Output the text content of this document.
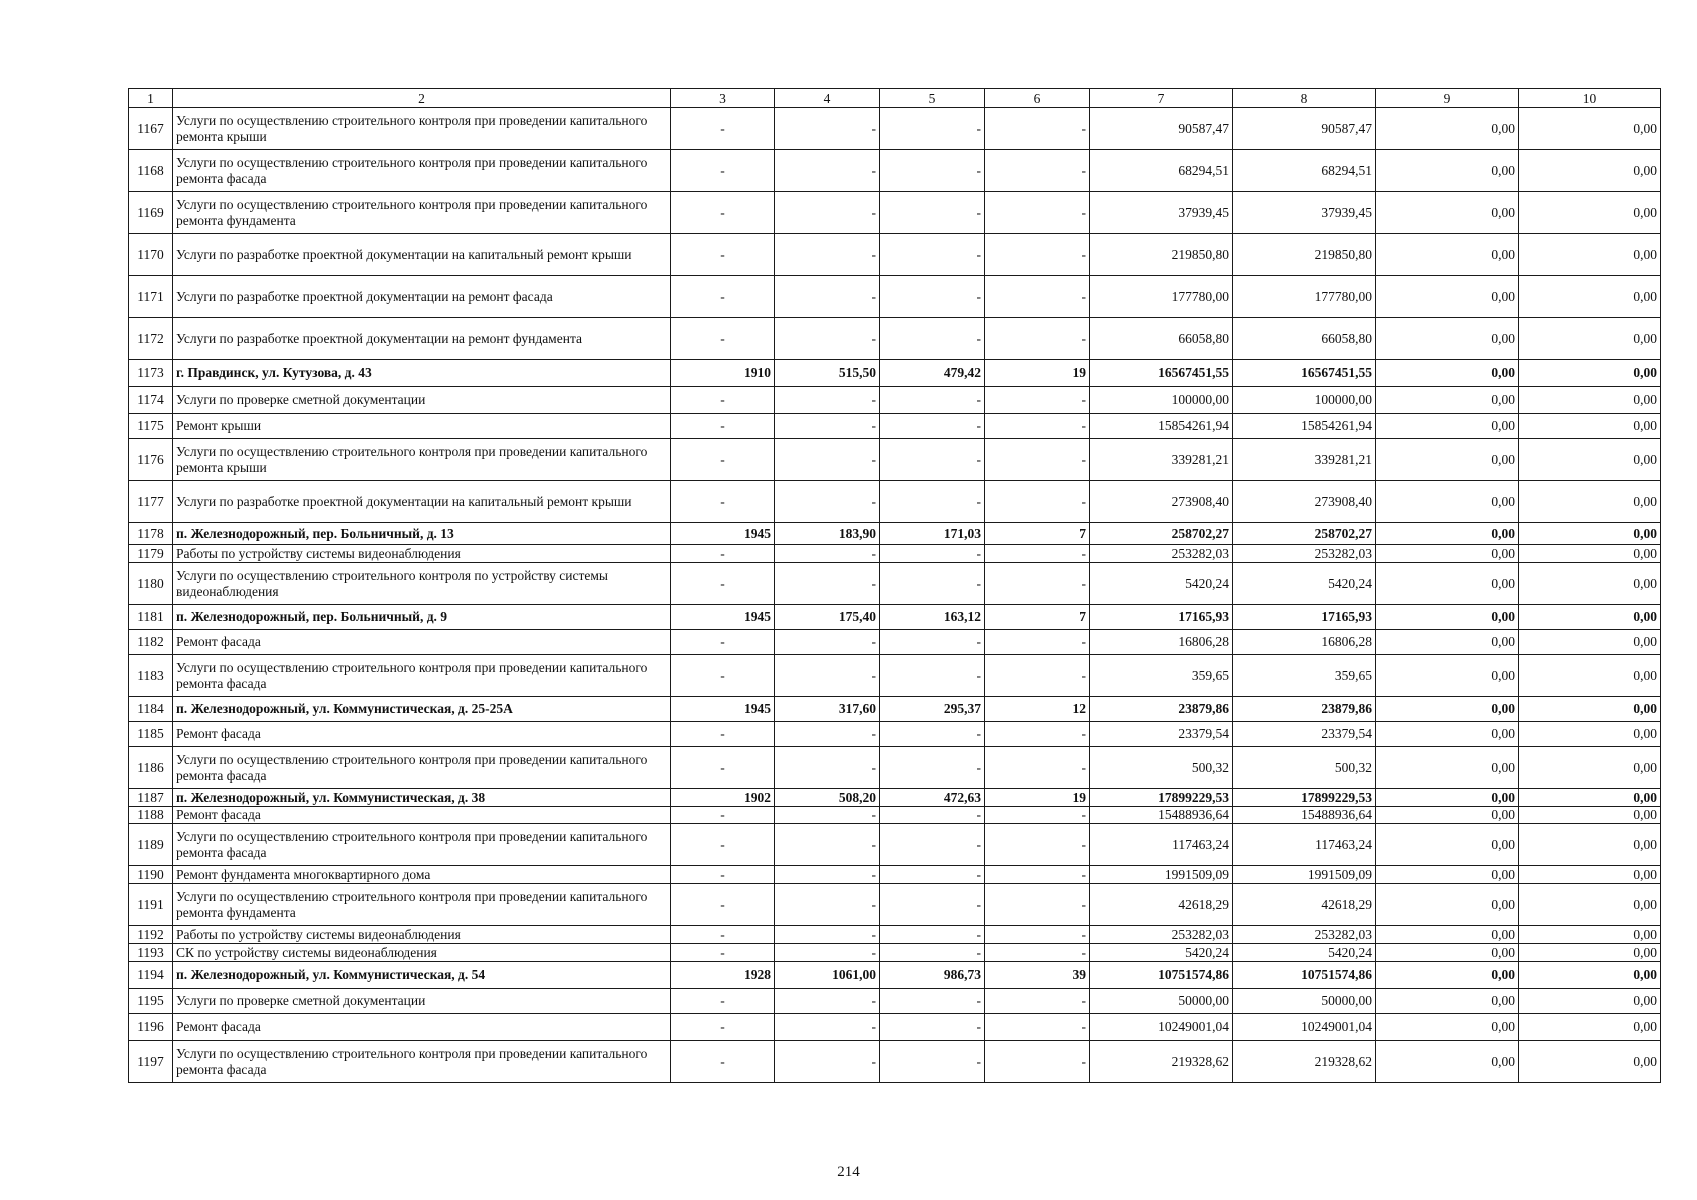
1	2	3	4	5	6	7	8	9	10
1167	Услуги по осуществлению строительного контроля при проведении капитального ремонта крыши	-	-	-	-	90587,47	90587,47	0,00	0,00
1168	Услуги по осуществлению строительного контроля при проведении капитального ремонта фасада	-	-	-	-	68294,51	68294,51	0,00	0,00
1169	Услуги по осуществлению строительного контроля при проведении капитального ремонта фундамента	-	-	-	-	37939,45	37939,45	0,00	0,00
1170	Услуги по разработке проектной документации на капитальный ремонт крыши	-	-	-	-	219850,80	219850,80	0,00	0,00
1171	Услуги по разработке проектной документации на ремонт фасада	-	-	-	-	177780,00	177780,00	0,00	0,00
1172	Услуги по разработке проектной документации на ремонт фундамента	-	-	-	-	66058,80	66058,80	0,00	0,00
1173	г. Правдинск, ул. Кутузова, д. 43	1910	515,50	479,42	19	16567451,55	16567451,55	0,00	0,00
1174	Услуги по проверке сметной документации	-	-	-	-	100000,00	100000,00	0,00	0,00
1175	Ремонт крыши	-	-	-	-	15854261,94	15854261,94	0,00	0,00
1176	Услуги по осуществлению строительного контроля при проведении капитального ремонта крыши	-	-	-	-	339281,21	339281,21	0,00	0,00
1177	Услуги по разработке проектной документации на капитальный ремонт крыши	-	-	-	-	273908,40	273908,40	0,00	0,00
1178	п. Железнодорожный, пер. Больничный, д. 13	1945	183,90	171,03	7	258702,27	258702,27	0,00	0,00
1179	Работы по устройству системы видеонаблюдения	-	-	-	-	253282,03	253282,03	0,00	0,00
1180	Услуги по осуществлению строительного контроля по устройству системы видеонаблюдения	-	-	-	-	5420,24	5420,24	0,00	0,00
1181	п. Железнодорожный, пер. Больничный, д. 9	1945	175,40	163,12	7	17165,93	17165,93	0,00	0,00
1182	Ремонт фасада	-	-	-	-	16806,28	16806,28	0,00	0,00
1183	Услуги по осуществлению строительного контроля при проведении капитального ремонта фасада	-	-	-	-	359,65	359,65	0,00	0,00
1184	п. Железнодорожный, ул. Коммунистическая, д. 25-25А	1945	317,60	295,37	12	23879,86	23879,86	0,00	0,00
1185	Ремонт фасада	-	-	-	-	23379,54	23379,54	0,00	0,00
1186	Услуги по осуществлению строительного контроля при проведении капитального ремонта фасада	-	-	-	-	500,32	500,32	0,00	0,00
1187	п. Железнодорожный, ул. Коммунистическая, д. 38	1902	508,20	472,63	19	17899229,53	17899229,53	0,00	0,00
1188	Ремонт фасада	-	-	-	-	15488936,64	15488936,64	0,00	0,00
1189	Услуги по осуществлению строительного контроля при проведении капитального ремонта фасада	-	-	-	-	117463,24	117463,24	0,00	0,00
1190	Ремонт фундамента многоквартирного дома	-	-	-	-	1991509,09	1991509,09	0,00	0,00
1191	Услуги по осуществлению строительного контроля при проведении капитального ремонта фундамента	-	-	-	-	42618,29	42618,29	0,00	0,00
1192	Работы по устройству системы видеонаблюдения	-	-	-	-	253282,03	253282,03	0,00	0,00
1193	СК по устройству системы видеонаблюдения	-	-	-	-	5420,24	5420,24	0,00	0,00
1194	п. Железнодорожный, ул. Коммунистическая, д. 54	1928	1061,00	986,73	39	10751574,86	10751574,86	0,00	0,00
1195	Услуги по проверке сметной документации	-	-	-	-	50000,00	50000,00	0,00	0,00
1196	Ремонт фасада	-	-	-	-	10249001,04	10249001,04	0,00	0,00
1197	Услуги по осуществлению строительного контроля при проведении капитального ремонта фасада	-	-	-	-	219328,62	219328,62	0,00	0,00
214
